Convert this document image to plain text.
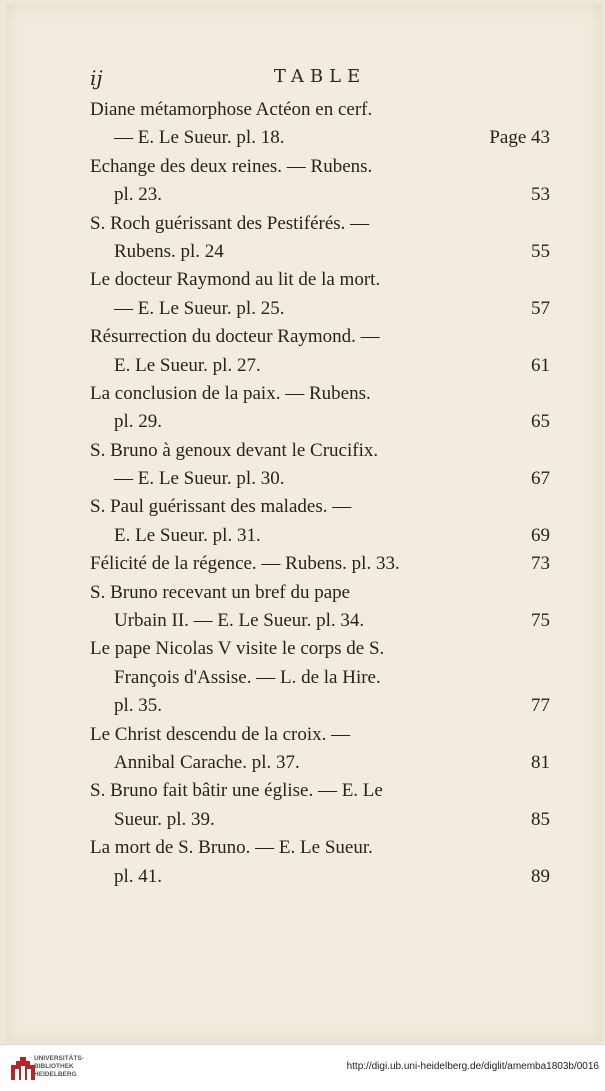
ij	TABLE
Diane métamorphose Actéon en cerf.
— E. Le Sueur. pl. 18.	Page 43
Echange des deux reines. — Rubens.
pl. 23.	53
S. Roch guérissant des Pestiférés. —
Rubens. pl. 24	55
Le docteur Raymond au lit de la mort.
— E. Le Sueur. pl. 25.	57
Résurrection du docteur Raymond. —
E. Le Sueur. pl. 27.	61
La conclusion de la paix. — Rubens.
pl. 29.	65
S. Bruno à genoux devant le Crucifix.
— E. Le Sueur. pl. 30.	67
S. Paul guérissant des malades. —
E. Le Sueur. pl. 31.	69
Félicité de la régence. — Rubens. pl. 33.	73
S. Bruno recevant un bref du pape
Urbain II. — E. Le Sueur. pl. 34.	75
Le pape Nicolas V visite le corps de S.
François d'Assise. — L. de la Hire.
pl. 35.	77
Le Christ descendu de la croix. —
Annibal Carache. pl. 37.	81
S. Bruno fait bâtir une église. — E. Le
Sueur. pl. 39.	85
La mort de S. Bruno. — E. Le Sueur.
pl. 41.	89
UNIVERSITÄTS-
BIBLIOTHEK
HEIDELBERG
http://digi.ub.uni-heidelberg.de/diglit/amemba1803b/0016
